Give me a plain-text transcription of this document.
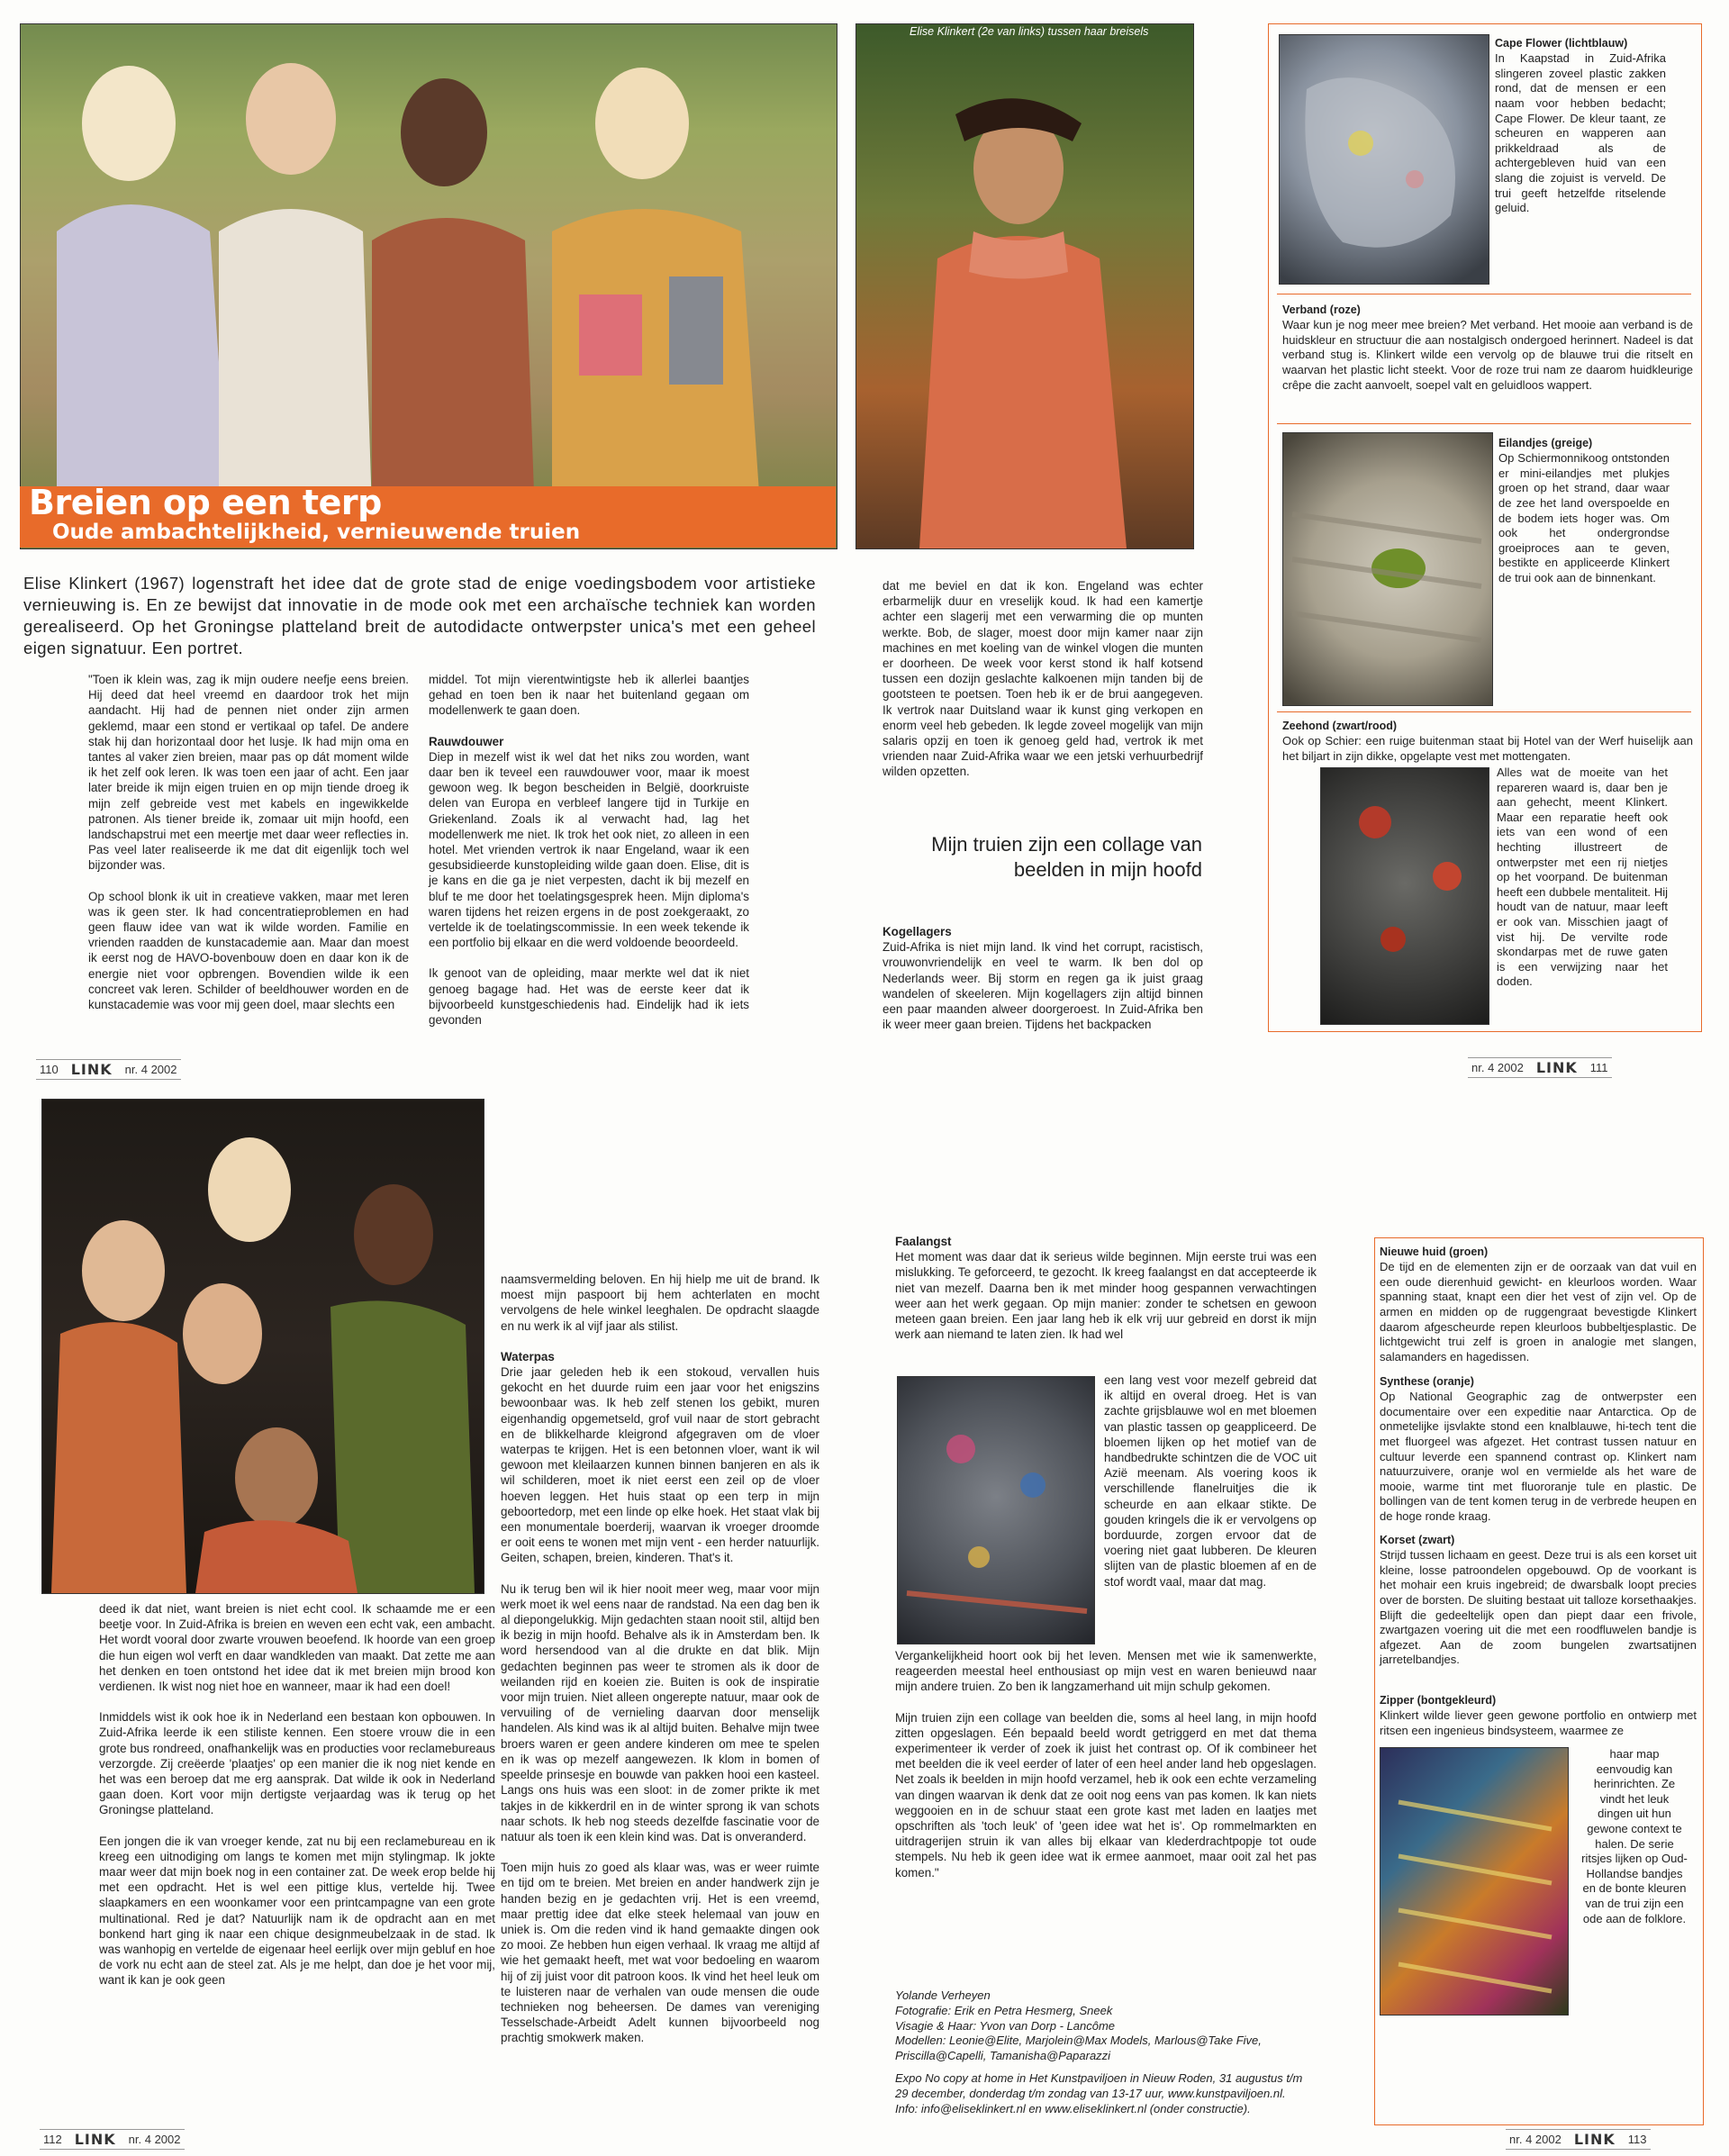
Breien op een terp
Oude ambachtelijkheid, vernieuwende truien
Elise Klinkert (1967) logenstraft het idee dat de grote stad de enige voedingsbodem voor artistieke vernieuwing is. En ze bewijst dat innovatie in de mode ook met een archaïsche techniek kan worden gerealiseerd. Op het Groningse platteland breit de autodidacte ontwerpster unica's met een geheel eigen signatuur. Een portret.

"Toen ik klein was, zag ik mijn oudere neefje eens breien. Hij deed dat heel vreemd en daardoor trok het mijn aandacht. Hij had de pennen niet onder zijn armen geklemd, maar een stond er vertikaal op tafel. De andere stak hij dan horizontaal door het lusje. Ik had mijn oma en tantes al vaker zien breien, maar pas op dát moment wilde ik het zelf ook leren. Ik was toen een jaar of acht. Een jaar later breide ik mijn eigen truien en op mijn tiende droeg ik mijn zelf gebreide vest met kabels en ingewikkelde patronen. Als tiener breide ik, zomaar uit mijn hoofd, een landschapstrui met een meertje met daar weer reflecties in. Pas veel later realiseerde ik me dat dit eigenlijk toch wel bijzonder was.

Op school blonk ik uit in creatieve vakken, maar met leren was ik geen ster. Ik had concentratieproblemen en had geen flauw idee van wat ik wilde worden. Familie en vrienden raadden de kunstacademie aan. Maar dan moest ik eerst nog de HAVO-bovenbouw doen en daar kon ik de energie niet voor opbrengen. Bovendien wilde ik een concreet vak leren. Schilder of beeldhouwer worden en de kunstacademie was voor mij geen doel, maar slechts een

middel. Tot mijn vierentwintigste heb ik allerlei baantjes gehad en toen ben ik naar het buitenland gegaan om modellenwerk te gaan doen.

Rauwdouwer

Diep in mezelf wist ik wel dat het niks zou worden, want daar ben ik teveel een rauwdouwer voor, maar ik moest gewoon weg. Ik begon bescheiden in België, doorkruiste delen van Europa en verbleef langere tijd in Turkije en Griekenland. Zoals ik al verwacht had, lag het modellenwerk me niet. Ik trok het ook niet, zo alleen in een hotel. Met vrienden vertrok ik naar Engeland, waar ik een gesubsidieerde kunstopleiding wilde gaan doen. Elise, dit is je kans en die ga je niet verpesten, dacht ik bij mezelf en bluf te me door het toelatingsgesprek heen. Mijn diploma's waren tijdens het reizen ergens in de post zoekgeraakt, zo vertelde ik de toelatingscommissie. In een week tekende ik een portfolio bij elkaar en die werd voldoende beoordeeld.

Ik genoot van de opleiding, maar merkte wel dat ik niet genoeg bagage had. Het was de eerste keer dat ik bijvoorbeeld kunstgeschiedenis had. Eindelijk had ik iets gevonden

110 LINK nr. 4 2002
Elise Klinkert (2e van links) tussen haar breisels

dat me beviel en dat ik kon. Engeland was echter erbarmelijk duur en vreselijk koud. Ik had een kamertje achter een slagerij met een verwarming die op munten werkte. Bob, de slager, moest door mijn kamer naar zijn machines en met koeling van de winkel vlogen die munten er doorheen. De week voor kerst stond ik half kotsend tussen een dozijn geslachte kalkoenen mijn tanden bij de gootsteen te poetsen. Toen heb ik er de brui aangegeven. Ik vertrok naar Duitsland waar ik kunst ging verkopen en enorm veel heb gebeden. Ik legde zoveel mogelijk van mijn salaris opzij en toen ik genoeg geld had, vertrok ik met vrienden naar Zuid-Afrika waar we een jetski verhuurbedrijf wilden opzetten.

Mijn truien zijn een collage van beelden in mijn hoofd
Kogellagers

Zuid-Afrika is niet mijn land. Ik vind het corrupt, racistisch, vrouwonvriendelijk en veel te warm. Ik ben dol op Nederlands weer. Bij storm en regen ga ik juist graag wandelen of skeeleren. Mijn kogellagers zijn altijd binnen een paar maanden alweer doorgeroest. In Zuid-Afrika ben ik weer meer gaan breien. Tijdens het backpacken

Cape Flower (lichtblauw)
In Kaapstad in Zuid-Afrika slingeren zoveel plastic zakken rond, dat de mensen er een naam voor hebben bedacht; Cape Flower. De kleur taant, ze scheuren en wapperen aan prikkeldraad als de achtergebleven huid van een slang die zojuist is verveld. De trui geeft hetzelfde ritselende geluid.
Verband (roze)
Waar kun je nog meer mee breien? Met verband. Het mooie aan verband is de huidskleur en structuur die aan nostalgisch ondergoed herinnert. Nadeel is dat verband stug is. Klinkert wilde een vervolg op de blauwe trui die ritselt en waarvan het plastic licht steekt. Voor de roze trui nam ze daarom huidkleurige crêpe die zacht aanvoelt, soepel valt en geluidloos wappert.
Eilandjes (greige)
Op Schiermonnikoog ontstonden er mini-eilandjes met plukjes groen op het strand, daar waar de zee het land overspoelde en de bodem iets hoger was. Om ook het ondergrondse groeiproces aan te geven, bestikte en appliceerde Klinkert de trui ook aan de binnenkant.
Zeehond (zwart/rood)
Ook op Schier: een ruige buitenman staat bij Hotel van der Werf huiselijk aan het biljart in zijn dikke, opgelapte vest met mottengaten.
Alles wat de moeite van het repareren waard is, daar ben je aan gehecht, meent Klinkert. Maar een reparatie heeft ook iets van een wond of een hechting illustreert de ontwerpster met een rij nietjes op het voorpand. De buitenman heeft een dubbele mentaliteit. Hij houdt van de natuur, maar leeft er ook van. Misschien jaagt of vist hij. De vervilte rode skondarpas met de ruwe gaten is een verwijzing naar het doden.
nr. 4 2002 LINK 111

deed ik dat niet, want breien is niet echt cool. Ik schaamde me er een beetje voor. In Zuid-Afrika is breien en weven een echt vak, een ambacht. Het wordt vooral door zwarte vrouwen beoefend. Ik hoorde van een groep die hun eigen wol verft en daar wandkleden van maakt. Dat zette me aan het denken en toen ontstond het idee dat ik met breien mijn brood kon verdienen. Ik wist nog niet hoe en wanneer, maar ik had een doel!

Inmiddels wist ik ook hoe ik in Nederland een bestaan kon opbouwen. In Zuid-Afrika leerde ik een stiliste kennen. Een stoere vrouw die in een grote bus rondreed, onafhankelijk was en producties voor reclamebureaus verzorgde. Zij creëerde 'plaatjes' op een manier die ik nog niet kende en het was een beroep dat me erg aansprak. Dat wilde ik ook in Nederland gaan doen. Kort voor mijn dertigste verjaardag was ik terug op het Groningse platteland.

Een jongen die ik van vroeger kende, zat nu bij een reclamebureau en ik kreeg een uitnodiging om langs te komen met mijn stylingmap. Ik jokte maar weer dat mijn boek nog in een container zat. De week erop belde hij met een opdracht. Het is wel een pittige klus, vertelde hij. Twee slaapkamers en een woonkamer voor een printcampagne van een grote multinational. Red je dat? Natuurlijk nam ik de opdracht aan en met bonkend hart ging ik naar een chique designmeubelzaak in de stad. Ik was wanhopig en vertelde de eigenaar heel eerlijk over mijn gebluf en hoe de vork nu echt aan de steel zat. Als je me helpt, dan doe je het voor mij, want ik kan je ook geen

naamsvermelding beloven. En hij hielp me uit de brand. Ik moest mijn paspoort bij hem achterlaten en mocht vervolgens de hele winkel leeghalen. De opdracht slaagde en nu werk ik al vijf jaar als stilist.

Waterpas

Drie jaar geleden heb ik een stokoud, vervallen huis gekocht en het duurde ruim een jaar voor het enigszins bewoonbaar was. Ik heb zelf stenen los gebikt, muren eigenhandig opgemetseld, grof vuil naar de stort gebracht en de blikkelharde kleigrond afgegraven om de vloer waterpas te krijgen. Het is een betonnen vloer, want ik wil gewoon met kleilaarzen kunnen binnen banjeren en als ik wil schilderen, moet ik niet eerst een zeil op de vloer hoeven leggen. Het huis staat op een terp in mijn geboortedorp, met een linde op elke hoek. Het staat vlak bij een monumentale boerderij, waarvan ik vroeger droomde er ooit eens te wonen met mijn vent - een herder natuurlijk. Geiten, schapen, breien, kinderen. That's it.

Nu ik terug ben wil ik hier nooit meer weg, maar voor mijn werk moet ik wel eens naar de randstad. Na een dag ben ik al diepongelukkig. Mijn gedachten staan nooit stil, altijd ben ik bezig in mijn hoofd. Behalve als ik in Amsterdam ben. Ik word hersendood van al die drukte en dat blik. Mijn gedachten beginnen pas weer te stromen als ik door de weilanden rijd en koeien zie. Buiten is ook de inspiratie voor mijn truien. Niet alleen ongerepte natuur, maar ook de vervuiling of de vernieling daarvan door menselijk handelen. Als kind was ik al altijd buiten. Behalve mijn twee broers waren er geen andere kinderen om mee te spelen en ik was op mezelf aangewezen. Ik klom in bomen of speelde prinsesje en bouwde van pakken hooi een kasteel. Langs ons huis was een sloot: in de zomer prikte ik met takjes in de kikkerdril en in de winter sprong ik van schots naar schots. Ik heb nog steeds dezelfde fascinatie voor de natuur als toen ik een klein kind was. Dat is onveranderd.

Toen mijn huis zo goed als klaar was, was er weer ruimte en tijd om te breien. Met breien en ander handwerk zijn je handen bezig en je gedachten vrij. Het is een vreemd, maar prettig idee dat elke steek helemaal van jouw en uniek is. Om die reden vind ik hand gemaakte dingen ook zo mooi. Ze hebben hun eigen verhaal. Ik vraag me altijd af wie het gemaakt heeft, met wat voor bedoeling en waarom hij of zij juist voor dit patroon koos. Ik vind het heel leuk om te luisteren naar de verhalen van oude mensen die oude technieken nog beheersen. De dames van vereniging Tesselschade-Arbeidt Adelt kunnen bijvoorbeeld nog prachtig smokwerk maken.

112 LINK nr. 4 2002
Faalangst
Het moment was daar dat ik serieus wilde beginnen. Mijn eerste trui was een mislukking. Te geforceerd, te gezocht. Ik kreeg faalangst en dat accepteerde ik niet van mezelf. Daarna ben ik met minder hoog gespannen verwachtingen weer aan het werk gegaan. Op mijn manier: zonder te schetsen en gewoon meteen gaan breien. Een jaar lang heb ik elk vrij uur gebreid en dorst ik mijn werk aan niemand te laten zien. Ik had wel
een lang vest voor mezelf gebreid dat ik altijd en overal droeg. Het is van zachte grijsblauwe wol en met bloemen van plastic tassen op geappliceerd. De bloemen lijken op het motief van de handbedrukte schintzen die de VOC uit Azië meenam. Als voering koos ik verschillende flanelruitjes die ik scheurde en aan elkaar stikte. De gouden kringels die ik er vervolgens op borduurde, zorgen ervoor dat de voering niet gaat lubberen. De kleuren slijten van de plastic bloemen af en de stof wordt vaal, maar dat mag.

Vergankelijkheid hoort ook bij het leven. Mensen met wie ik samenwerkte, reageerden meestal heel enthousiast op mijn vest en waren benieuwd naar mijn andere truien. Zo ben ik langzamerhand uit mijn schulp gekomen.

Mijn truien zijn een collage van beelden die, soms al heel lang, in mijn hoofd zitten opgeslagen. Eén bepaald beeld wordt getriggerd en met dat thema experimenteer ik verder of zoek ik juist het contrast op. Of ik combineer het met beelden die ik veel eerder of later of een heel ander land heb opgeslagen. Net zoals ik beelden in mijn hoofd verzamel, heb ik ook een echte verzameling van dingen waarvan ik denk dat ze ooit nog eens van pas komen. Ik kan niets weggooien en in de schuur staat een grote kast met laden en laatjes met opschriften als 'toch leuk' of 'geen idee wat het is'. Op rommelmarkten en uitdragerijen struin ik van alles bij elkaar van klederdrachtpopje tot oude stempels. Nu heb ik geen idee wat ik ermee aanmoet, maar ooit zal het pas komen."

Yolande Verheyen
Fotografie: Erik en Petra Hesmerg, Sneek
Visagie & Haar: Yvon van Dorp - Lancôme
Modellen: Leonie@Elite, Marjolein@Max Models, Marlous@Take Five, Priscilla@Capelli, Tamanisha@Paparazzi
Expo No copy at home in Het Kunstpaviljoen in Nieuw Roden, 31 augustus t/m 29 december, donderdag t/m zondag van 13-17 uur, www.kunstpaviljoen.nl.
Info: info@eliseklinkert.nl en www.eliseklinkert.nl (onder constructie).
Nieuwe huid (groen)
De tijd en de elementen zijn er de oorzaak van dat vuil en een oude dierenhuid gewicht- en kleurloos worden. Waar spanning staat, knapt een dier het vest of zijn vel. Op de armen en midden op de ruggengraat bevestigde Klinkert daarom afgescheurde repen kleurloos bubbeltjesplastic. De lichtgewicht trui zelf is groen in analogie met slangen, salamanders en hagedissen.
Synthese (oranje)
Op National Geographic zag de ontwerpster een documentaire over een expeditie naar Antarctica. Op de onmetelijke ijsvlakte stond een knalblauwe, hi-tech tent die met fluorgeel was afgezet. Het contrast tussen natuur en cultuur leverde een spannend contrast op. Klinkert nam natuurzuivere, oranje wol en vermielde als het ware de mooie, warme tint met fluororanje tule en plastic. De bollingen van de tent komen terug in de verbrede heupen en de hoge ronde kraag.
Korset (zwart)
Strijd tussen lichaam en geest. Deze trui is als een korset uit kleine, losse patroondelen opgebouwd. Op de voorkant is het mohair een kruis ingebreid; de dwarsbalk loopt precies over de borsten. De sluiting bestaat uit talloze korsethaakjes. Blijft die gedeeltelijk open dan piept daar een frivole, zwartgazen voering uit die met een roodfluwelen bandje is afgezet. Aan de zoom bungelen zwartsatijnen jarretelbandjes.
Zipper (bontgekleurd)
Klinkert wilde liever geen gewone portfolio en ontwierp met ritsen een ingenieus bindsysteem, waarmee ze
haar map eenvoudig kan herinrichten. Ze vindt het leuk dingen uit hun gewone context te halen. De serie ritsjes lijken op Oud-Hollandse bandjes en de bonte kleuren van de trui zijn een ode aan de folklore.
nr. 4 2002 LINK 113
